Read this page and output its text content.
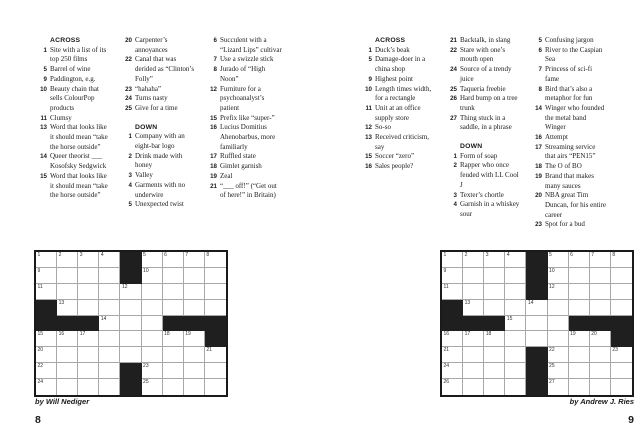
ACROSS
1 Site with a list of its top 250 films
5 Barrel of wine
9 Paddington, e.g.
10 Beauty chain that sells ColourPop products
11 Clumsy
13 Word that looks like it should mean “take the horse outside”
14 Queer theorist ___ Kosofsky Sedgwick
15 Word that looks like it should mean “take the horse outside”
20 Carpenter’s annoyances
22 Canal that was derided as “Clinton’s Folly”
23 “hahaha”
24 Turns nasty
25 Give for a time
DOWN
1 Company with an eight-bar logo
2 Drink made with honey
3 Valley
4 Garments with no underwire
5 Unexpected twist
6 Succulent with a “Lizard Lips” cultivar
7 Use a swizzle stick
8 Jurado of “High Noon”
12 Furniture for a psychoanalyst’s patient
15 Prefix like “super-”
16 Lucius Domitius Ahenobarbus, more familiarly
17 Ruffled state
18 Gimlet garnish
19 Zeal
21 “___ off!” (“Get out of here!” in Britain)
ACROSS
1 Duck’s beak
5 Damage-doer in a china shop
9 Highest point
10 Length times width, for a rectangle
11 Unit at an office supply store
12 So-so
13 Received criticism, say
15 Soccer “zero”
16 Sales people?
21 Backtalk, in slang
22 Stare with one’s mouth open
24 Source of a trendy juice
25 Taqueria freebie
26 Hard bump on a tree trunk
27 Thing stuck in a saddle, in a phrase
DOWN
1 Form of soap
2 Rapper who once feuded with LL Cool J
3 Texter’s chortle
4 Garnish in a whiskey sour
5 Confusing jargon
6 River to the Caspian Sea
7 Princess of sci-fi fame
8 Bird that’s also a metaphor for fun
14 Winger who founded the metal band Winger
16 Attempt
17 Streaming service that airs “PEN15”
18 The O of BO
19 Brand that makes many sauces
20 NBA great Tim Duncan, for his entire career
23 Spot for a bud
1	2	3	4	5	6	7	8
9	10
11	12
13
14
15	16	17	18	19
20	21
22	23
24	25
1	2	3	4	5	6	7	8
9	10
11	12
13	14
15
16	17	18	19	20
21	22	23
24	25
26	27
by Will Nediger	by Andrew J. Ries
8	9
